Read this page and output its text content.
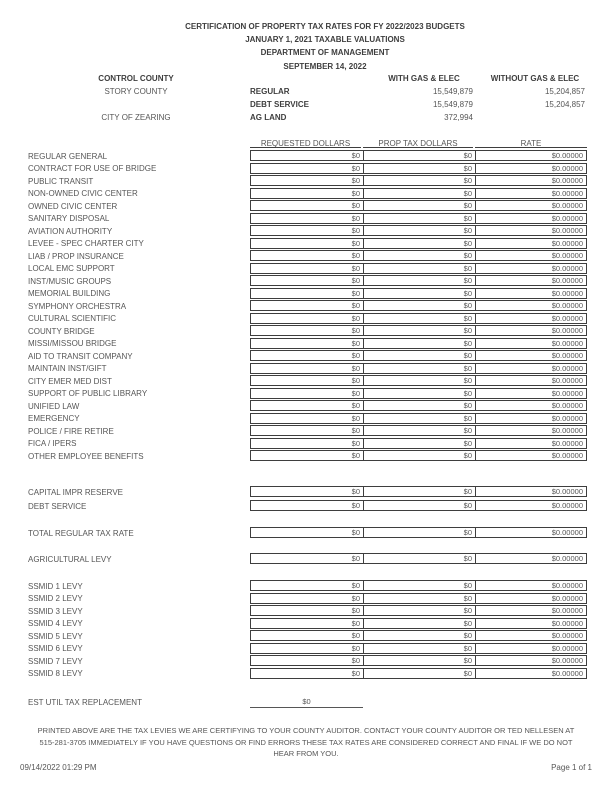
CERTIFICATION OF PROPERTY TAX RATES FOR FY 2022/2023 BUDGETS
JANUARY 1, 2021 TAXABLE VALUATIONS
DEPARTMENT OF MANAGEMENT
SEPTEMBER 14, 2022
CONTROL COUNTY	WITH GAS & ELEC	WITHOUT GAS & ELEC
STORY COUNTY	REGULAR	15,549,879	15,204,857
DEBT SERVICE	15,549,879	15,204,857
CITY OF ZEARING	AG LAND	372,994
REQUESTED DOLLARS	PROP TAX DOLLARS	RATE
REGULAR GENERAL	$0	$0	$0.00000
CONTRACT FOR USE OF BRIDGE	$0	$0	$0.00000
PUBLIC TRANSIT	$0	$0	$0.00000
NON-OWNED CIVIC CENTER	$0	$0	$0.00000
OWNED CIVIC CENTER	$0	$0	$0.00000
SANITARY DISPOSAL	$0	$0	$0.00000
AVIATION AUTHORITY	$0	$0	$0.00000
LEVEE - SPEC CHARTER CITY	$0	$0	$0.00000
LIAB / PROP INSURANCE	$0	$0	$0.00000
LOCAL EMC SUPPORT	$0	$0	$0.00000
INST/MUSIC GROUPS	$0	$0	$0.00000
MEMORIAL BUILDING	$0	$0	$0.00000
SYMPHONY ORCHESTRA	$0	$0	$0.00000
CULTURAL SCIENTIFIC	$0	$0	$0.00000
COUNTY BRIDGE	$0	$0	$0.00000
MISSI/MISSOU BRIDGE	$0	$0	$0.00000
AID TO TRANSIT COMPANY	$0	$0	$0.00000
MAINTAIN INST/GIFT	$0	$0	$0.00000
CITY EMER MED DIST	$0	$0	$0.00000
SUPPORT OF PUBLIC LIBRARY	$0	$0	$0.00000
UNIFIED LAW	$0	$0	$0.00000
EMERGENCY	$0	$0	$0.00000
POLICE / FIRE RETIRE	$0	$0	$0.00000
FICA / IPERS	$0	$0	$0.00000
OTHER EMPLOYEE BENEFITS	$0	$0	$0.00000
CAPITAL IMPR RESERVE	$0	$0	$0.00000
DEBT SERVICE	$0	$0	$0.00000
TOTAL REGULAR TAX RATE	$0	$0	$0.00000
AGRICULTURAL LEVY	$0	$0	$0.00000
SSMID 1 LEVY	$0	$0	$0.00000
SSMID 2 LEVY	$0	$0	$0.00000
SSMID 3 LEVY	$0	$0	$0.00000
SSMID 4 LEVY	$0	$0	$0.00000
SSMID 5 LEVY	$0	$0	$0.00000
SSMID 6 LEVY	$0	$0	$0.00000
SSMID 7 LEVY	$0	$0	$0.00000
SSMID 8 LEVY	$0	$0	$0.00000
EST UTIL TAX REPLACEMENT	$0
PRINTED ABOVE ARE THE TAX LEVIES WE ARE CERTIFYING TO YOUR COUNTY AUDITOR. CONTACT YOUR COUNTY AUDITOR OR TED NELLESEN AT 515-281-3705 IMMEDIATELY IF YOU HAVE QUESTIONS OR FIND ERRORS THESE TAX RATES ARE CONSIDERED CORRECT AND FINAL IF WE DO NOT HEAR FROM YOU.
09/14/2022 01:29 PM	Page 1 of 1
